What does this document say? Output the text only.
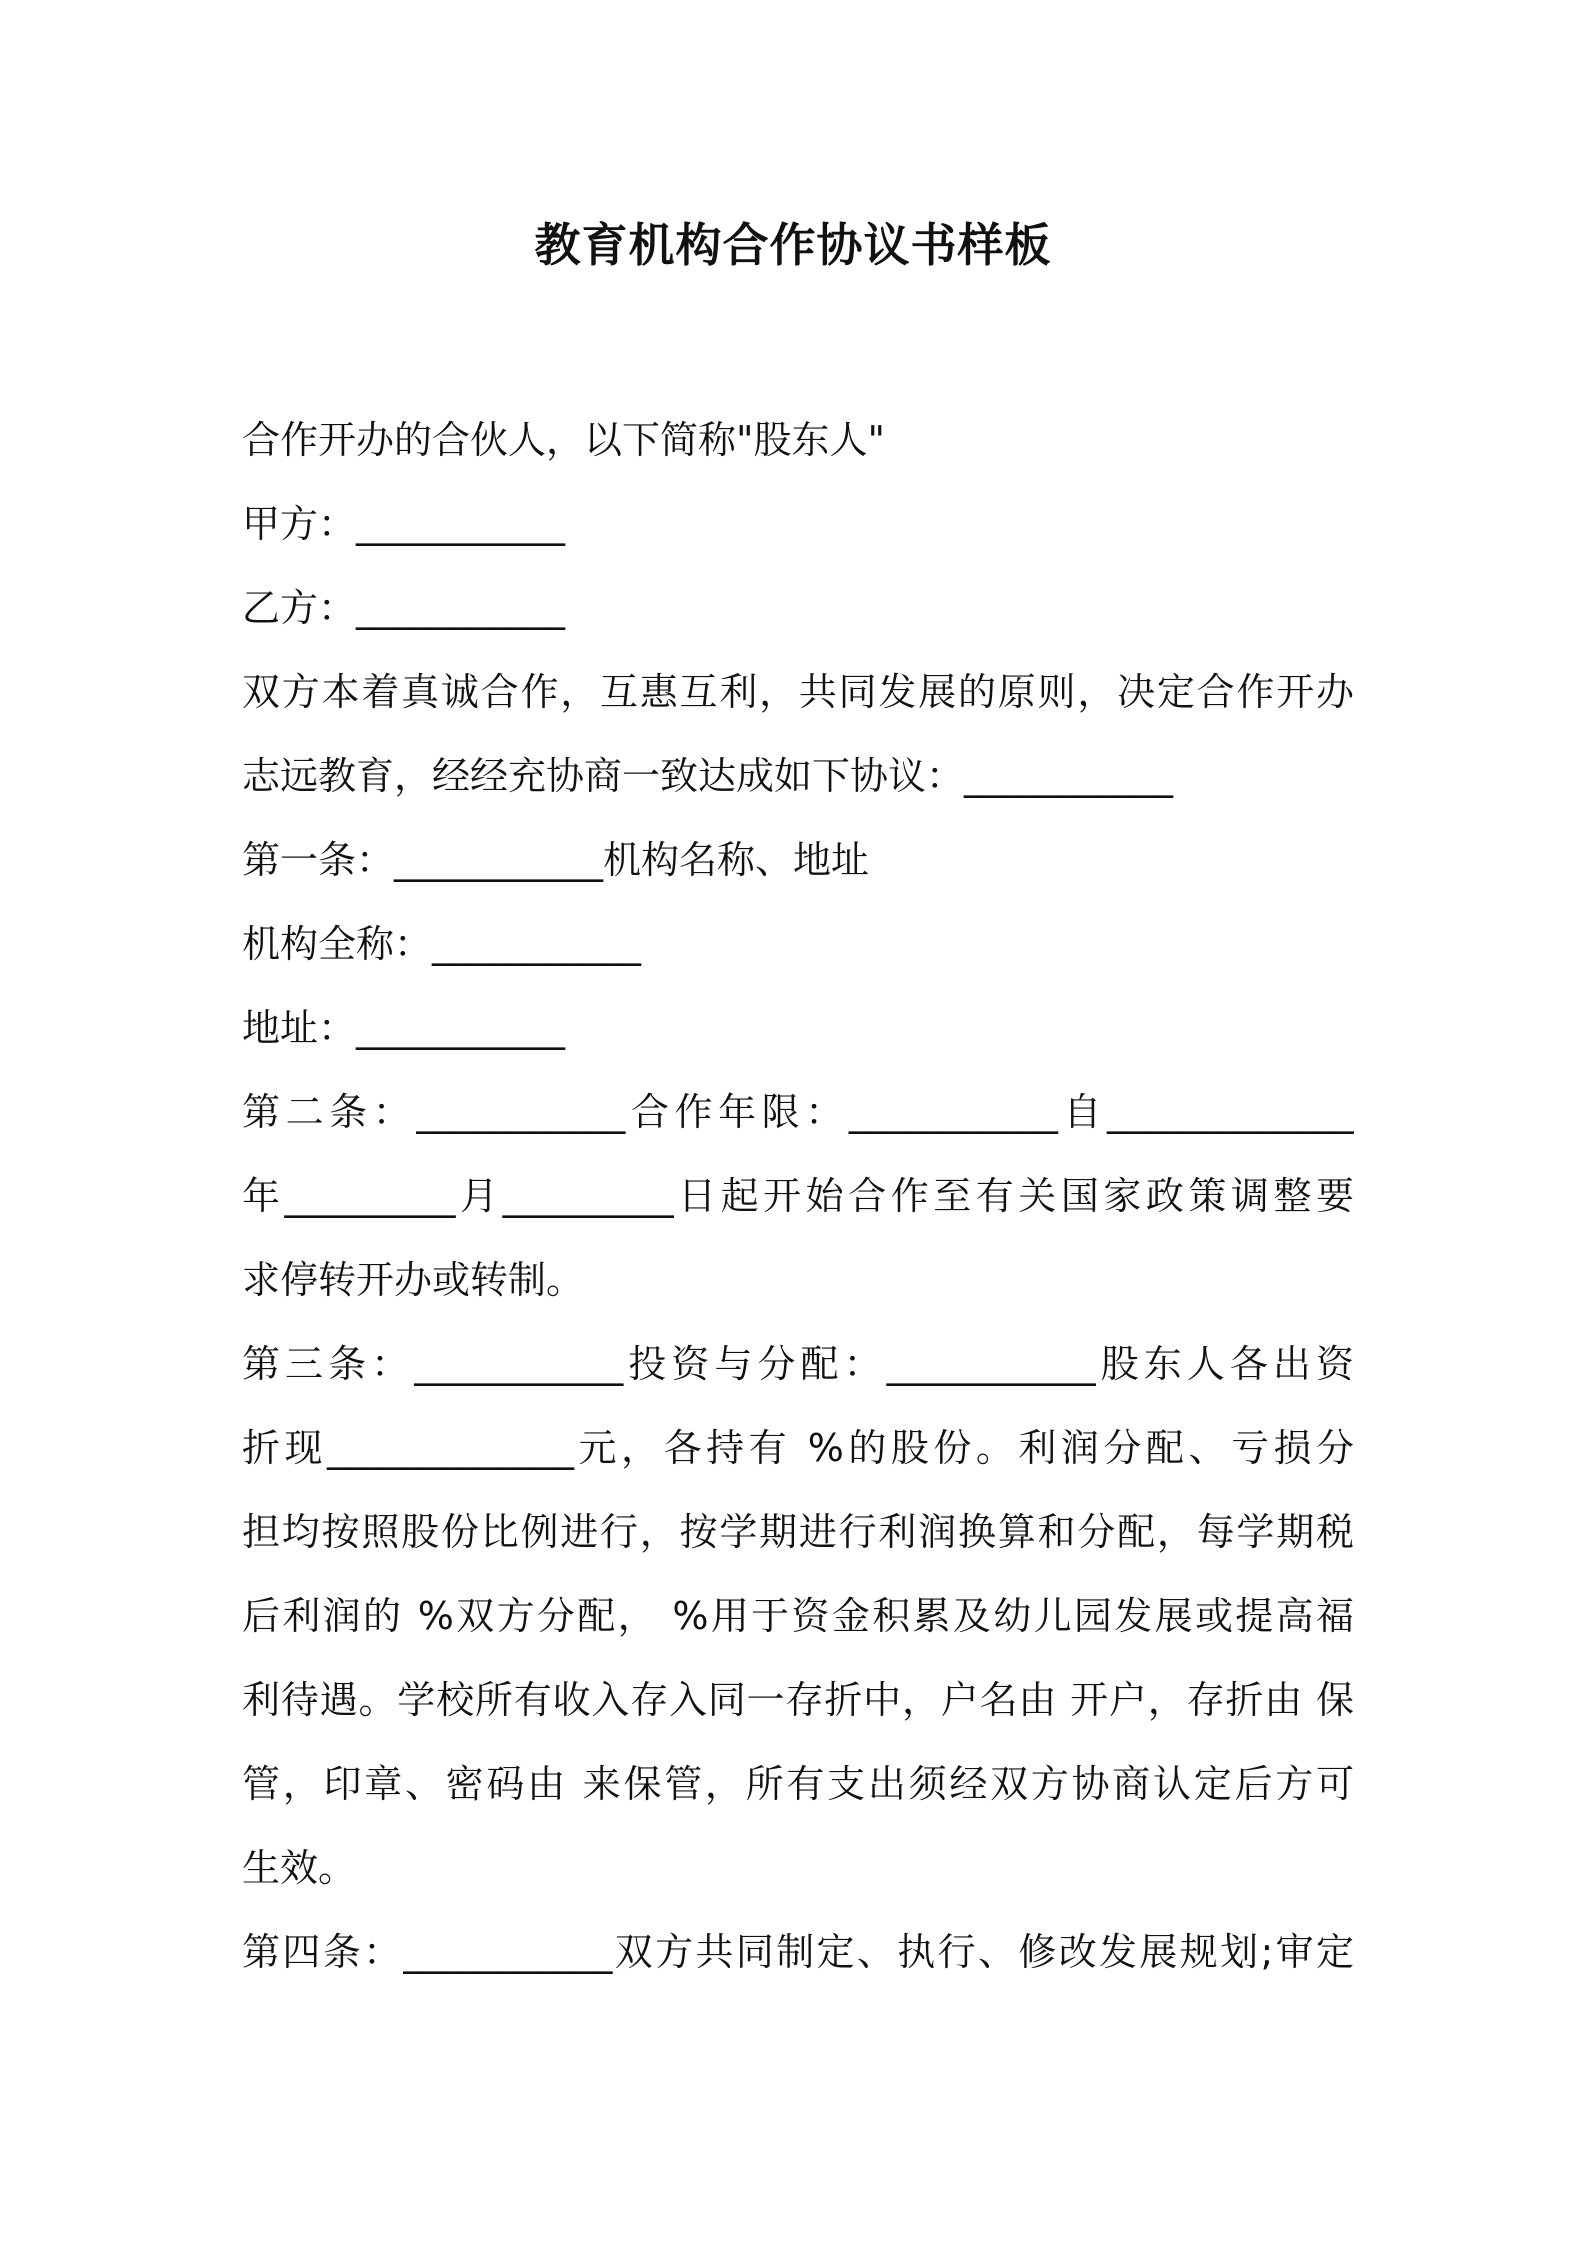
教育机构合作协议书样板
合作开办的合伙人，以下简称"股东人"
甲方：___________
乙方：___________
双方本着真诚合作，互惠互利，共同发展的原则，决定合作开办
志远教育，经经充协商一致达成如下协议：___________
第一条：___________机构名称、地址
机构全称：___________
地址：___________
第二条：___________合作年限：___________自_____________
年_________月_________日起开始合作至有关国家政策调整要
求停转开办或转制。
第三条：___________投资与分配：___________股东人各出资
折现_____________元，各持有 %的股份。利润分配、亏损分
担均按照股份比例进行，按学期进行利润换算和分配，每学期税
后利润的 %双方分配， %用于资金积累及幼儿园发展或提高福
利待遇。学校所有收入存入同一存折中，户名由 开户，存折由 保
管，印章、密码由 来保管，所有支出须经双方协商认定后方可
生效。
第四条：___________双方共同制定、执行、修改发展规划;审定
